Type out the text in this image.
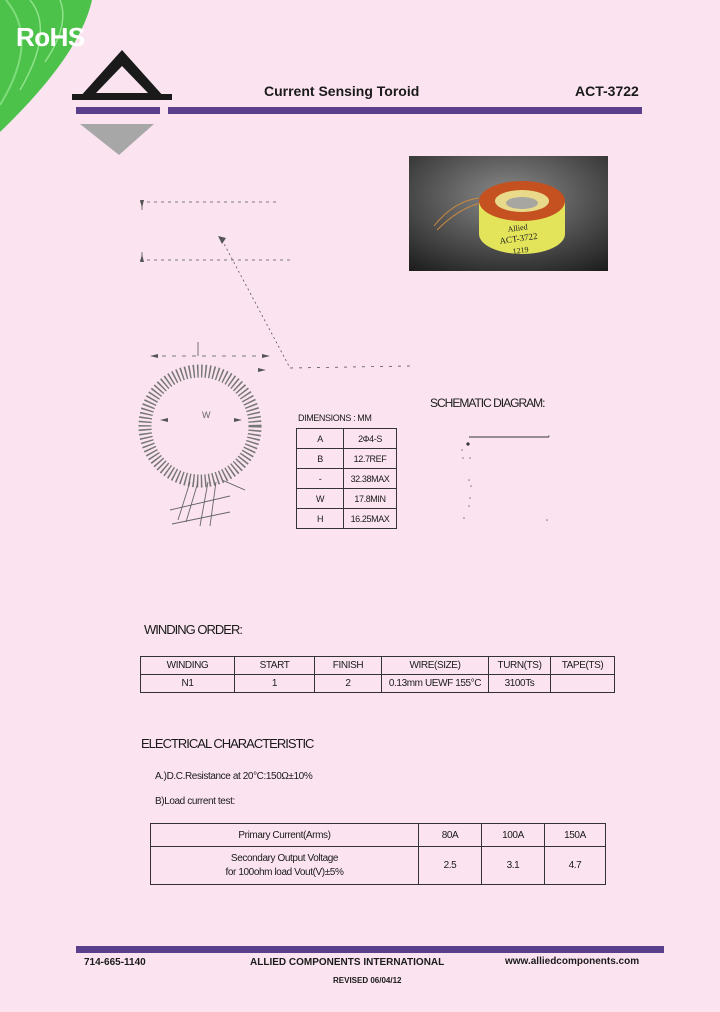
RoHS
Current Sensing Toroid	ACT-3722
Allied
ACT-3722
1219
W	DIMENSIONS : MM
A	2Ф4-S
B	12.7REF
-	32.38MAX
W	17.8MIN
H	16.25MAX
SCHEMATIC DIAGRAM:
WINDING ORDER:
WINDING	START	FINISH	WIRE(SIZE)	TURN(TS)	TAPE(TS)
N1	1	2	0.13mm UEWF 155°C	3100Ts	
ELECTRICAL CHARACTERISTIC
A.)D.C.Resistance at 20°C:150Ω±10%
B)Load current test:
Primary Current(Arms)	80A	100A	150A

Secondary Output Voltage
for 100ohm load Vout(V)±5%	2.5	3.1	4.7
714-665-1140	ALLIED COMPONENTS INTERNATIONAL	www.alliedcomponents.com
REVISED 06/04/12
